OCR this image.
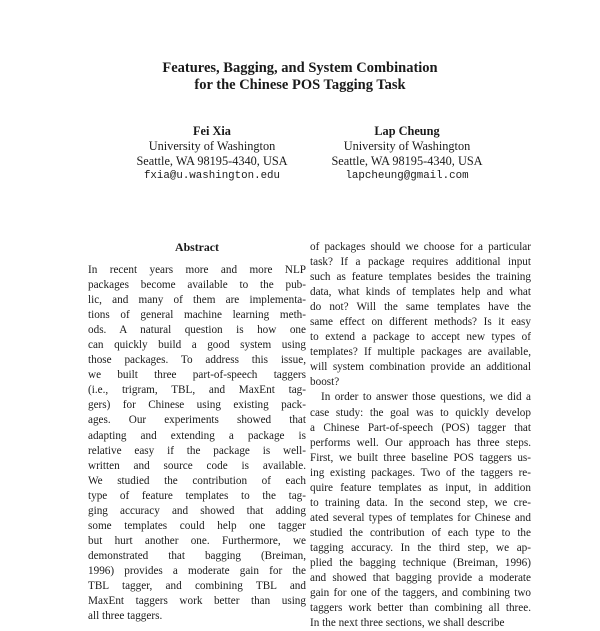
Features, Bagging, and System Combination
for the Chinese POS Tagging Task
Fei Xia
University of Washington
Seattle, WA 98195-4340, USA
fxia@u.washington.edu
Lap Cheung
University of Washington
Seattle, WA 98195-4340, USA
lapcheung@gmail.com
Abstract
In recent years more and more NLP
packages become available to the pub-
lic, and many of them are implementa-
tions of general machine learning meth-
ods. A natural question is how one
can quickly build a good system using
those packages. To address this issue,
we built three part-of-speech taggers
(i.e., trigram, TBL, and MaxEnt tag-
gers) for Chinese using existing pack-
ages. Our experiments showed that
adapting and extending a package is
relative easy if the package is well-
written and source code is available.
We studied the contribution of each
type of feature templates to the tag-
ging accuracy and showed that adding
some templates could help one tagger
but hurt another one. Furthermore, we
demonstrated that bagging (Breiman,
1996) provides a moderate gain for the
TBL tagger, and combining TBL and
MaxEnt taggers work better than using
all three taggers.
of packages should we choose for a particular
task? If a package requires additional input
such as feature templates besides the training
data, what kinds of templates help and what
do not? Will the same templates have the
same effect on different methods? Is it easy
to extend a package to accept new types of
templates? If multiple packages are available,
will system combination provide an additional
boost?
In order to answer those questions, we did a
case study: the goal was to quickly develop
a Chinese Part-of-speech (POS) tagger that
performs well. Our approach has three steps.
First, we built three baseline POS taggers us-
ing existing packages. Two of the taggers re-
quire feature templates as input, in addition
to training data. In the second step, we cre-
ated several types of templates for Chinese and
studied the contribution of each type to the
tagging accuracy. In the third step, we ap-
plied the bagging technique (Breiman, 1996)
and showed that bagging provide a moderate
gain for one of the taggers, and combining two
taggers work better than combining all three.
In the next three sections, we shall describe
